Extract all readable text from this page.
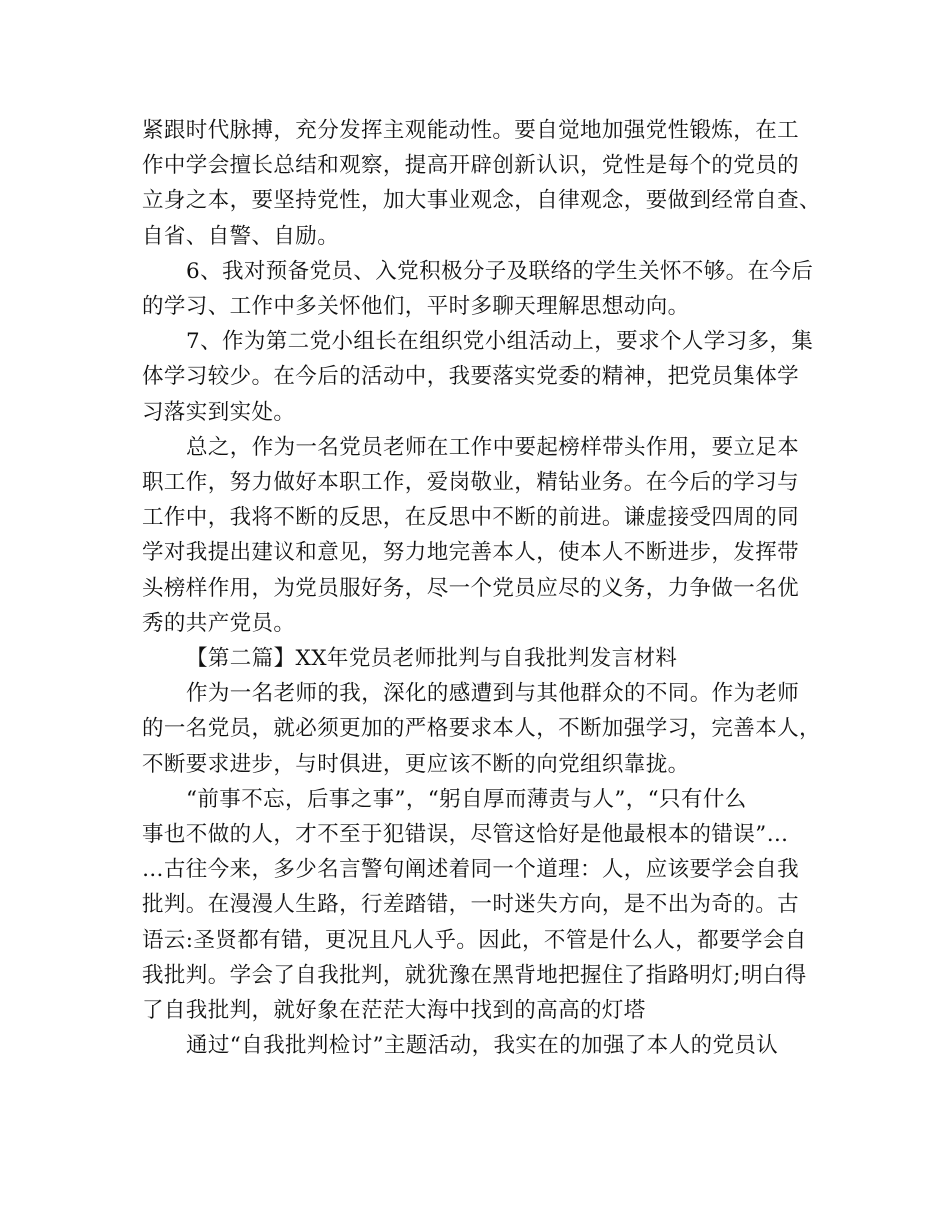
紧跟时代脉搏，充分发挥主观能动性。要自觉地加强党性锻炼，在工
作中学会擅长总结和观察，提高开辟创新认识，党性是每个的党员的
立身之本，要坚持党性，加大事业观念，自律观念，要做到经常自查、
自省、自警、自励。
6、我对预备党员、入党积极分子及联络的学生关怀不够。在今后
的学习、工作中多关怀他们，平时多聊天理解思想动向。
7、作为第二党小组长在组织党小组活动上，要求个人学习多，集
体学习较少。在今后的活动中，我要落实党委的精神，把党员集体学
习落实到实处。
总之，作为一名党员老师在工作中要起榜样带头作用，要立足本
职工作，努力做好本职工作，爱岗敬业，精钻业务。在今后的学习与
工作中，我将不断的反思，在反思中不断的前进。谦虚接受四周的同
学对我提出建议和意见，努力地完善本人，使本人不断进步，发挥带
头榜样作用，为党员服好务，尽一个党员应尽的义务，力争做一名优
秀的共产党员。
【第二篇】XX年党员老师批判与自我批判发言材料
作为一名老师的我，深化的感遭到与其他群众的不同。作为老师
的一名党员，就必须更加的严格要求本人，不断加强学习，完善本人，
不断要求进步，与时俱进，更应该不断的向党组织靠拢。
“前事不忘，后事之事”，“躬自厚而薄责与人”，“只有什么
事也不做的人，才不至于犯错误，尽管这恰好是他最根本的错误”…
…古往今来，多少名言警句阐述着同一个道理：人，应该要学会自我
批判。在漫漫人生路，行差踏错，一时迷失方向，是不出为奇的。古
语云:圣贤都有错，更况且凡人乎。因此，不管是什么人，都要学会自
我批判。学会了自我批判，就犹豫在黑背地把握住了指路明灯;明白得
了自我批判，就好象在茫茫大海中找到的高高的灯塔
通过“自我批判检讨”主题活动，我实在的加强了本人的党员认
